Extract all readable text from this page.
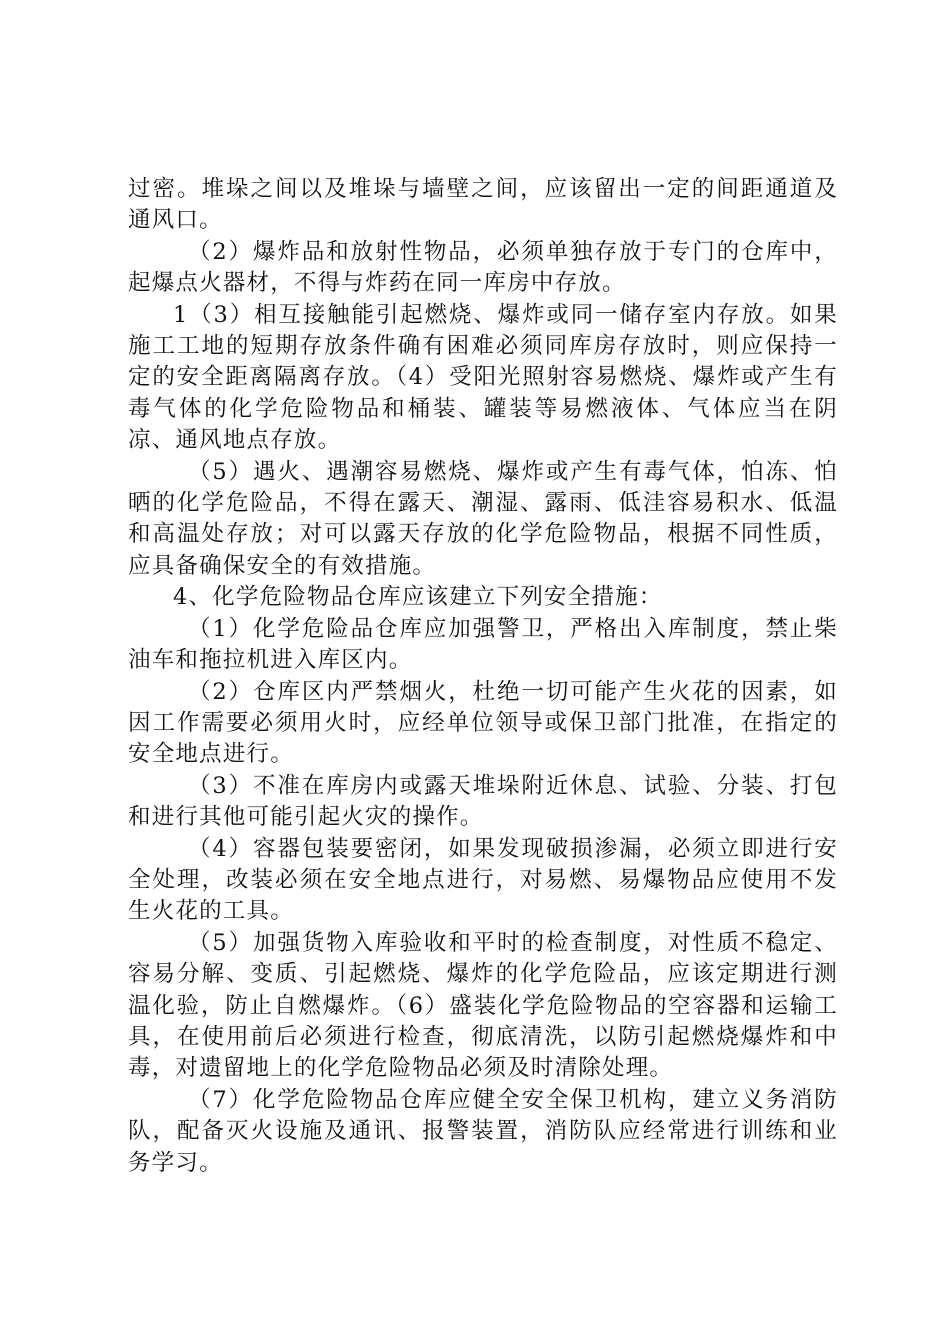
过密。堆垛之间以及堆垛与墙壁之间，应该留出一定的间距通道及通风口。

（2）爆炸品和放射性物品，必须单独存放于专门的仓库中，起爆点火器材，不得与炸药在同一库房中存放。

1（3）相互接触能引起燃烧、爆炸或同一储存室内存放。如果施工工地的短期存放条件确有困难必须同库房存放时，则应保持一定的安全距离隔离存放。（4）受阳光照射容易燃烧、爆炸或产生有毒气体的化学危险物品和桶装、罐装等易燃液体、气体应当在阴凉、通风地点存放。

（5）遇火、遇潮容易燃烧、爆炸或产生有毒气体，怕冻、怕晒的化学危险品，不得在露天、潮湿、露雨、低洼容易积水、低温和高温处存放；对可以露天存放的化学危险物品，根据不同性质，应具备确保安全的有效措施。

4、化学危险物品仓库应该建立下列安全措施：

（1）化学危险品仓库应加强警卫，严格出入库制度，禁止柴油车和拖拉机进入库区内。

（2）仓库区内严禁烟火，杜绝一切可能产生火花的因素，如因工作需要必须用火时，应经单位领导或保卫部门批准，在指定的安全地点进行。

（3）不准在库房内或露天堆垛附近休息、试验、分装、打包和进行其他可能引起火灾的操作。

（4）容器包装要密闭，如果发现破损渗漏，必须立即进行安全处理，改装必须在安全地点进行，对易燃、易爆物品应使用不发生火花的工具。

（5）加强货物入库验收和平时的检查制度，对性质不稳定、容易分解、变质、引起燃烧、爆炸的化学危险品，应该定期进行测温化验，防止自燃爆炸。（6）盛装化学危险物品的空容器和运输工具，在使用前后必须进行检查，彻底清洗，以防引起燃烧爆炸和中毒，对遗留地上的化学危险物品必须及时清除处理。

（7）化学危险物品仓库应健全安全保卫机构，建立义务消防队，配备灭火设施及通讯、报警装置，消防队应经常进行训练和业务学习。
